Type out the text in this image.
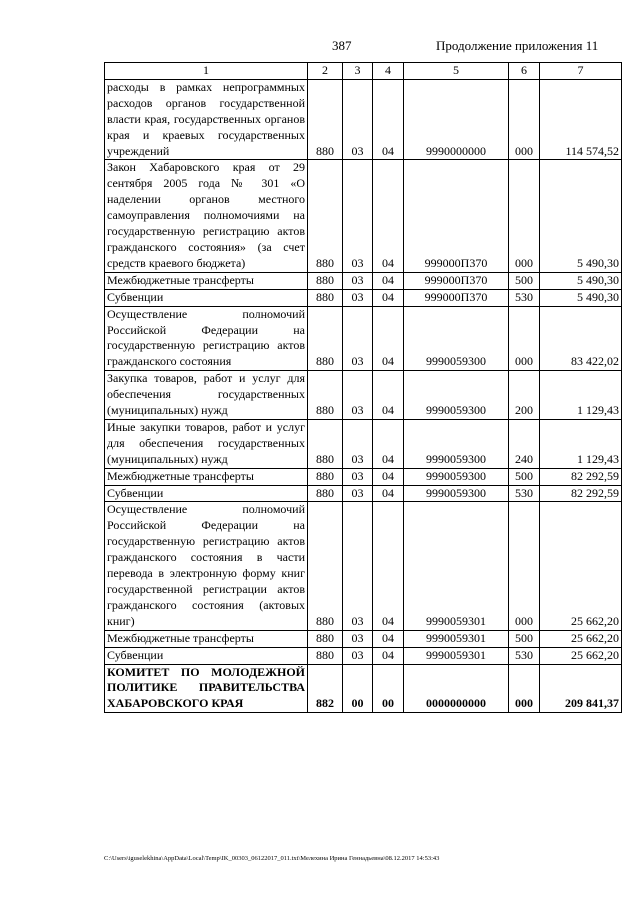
387	Продолжение приложения 11
1	2	3	4	5	6	7
расходы в рамках непрограммных расходов органов государственной власти края, государственных органов края и краевых государственных учреждений	880	03	04	9990000000	000	114 574,52
Закон Хабаровского края от 29 сентября 2005 года № 301 «О наделении органов местного самоуправления полномочиями на государственную регистрацию актов гражданского состояния» (за счет средств краевого бюджета)	880	03	04	999000П370	000	5 490,30
Межбюджетные трансферты	880	03	04	999000П370	500	5 490,30
Субвенции	880	03	04	999000П370	530	5 490,30
Осуществление полномочий Российской Федерации на государственную регистрацию актов гражданского состояния	880	03	04	9990059300	000	83 422,02
Закупка товаров, работ и услуг для обеспечения государственных (муниципальных) нужд	880	03	04	9990059300	200	1 129,43
Иные закупки товаров, работ и услуг для обеспечения государственных (муниципальных) нужд	880	03	04	9990059300	240	1 129,43
Межбюджетные трансферты	880	03	04	9990059300	500	82 292,59
Субвенции	880	03	04	9990059300	530	82 292,59
Осуществление полномочий Российской Федерации на государственную регистрацию актов гражданского состояния в части перевода в электронную форму книг государственной регистрации актов гражданского состояния (актовых книг)	880	03	04	9990059301	000	25 662,20
Межбюджетные трансферты	880	03	04	9990059301	500	25 662,20
Субвенции	880	03	04	9990059301	530	25 662,20
КОМИТЕТ ПО МОЛОДЕЖНОЙ ПОЛИТИКЕ ПРАВИТЕЛЬСТВА ХАБАРОВСКОГО КРАЯ	882	00	00	0000000000	000	209 841,37
C:\Users\iguselekhina\AppData\Local\Temp\IK_00303_06122017_011.txt\Мелехина Ирина Геннадьевна\08.12.2017 14:53:43
